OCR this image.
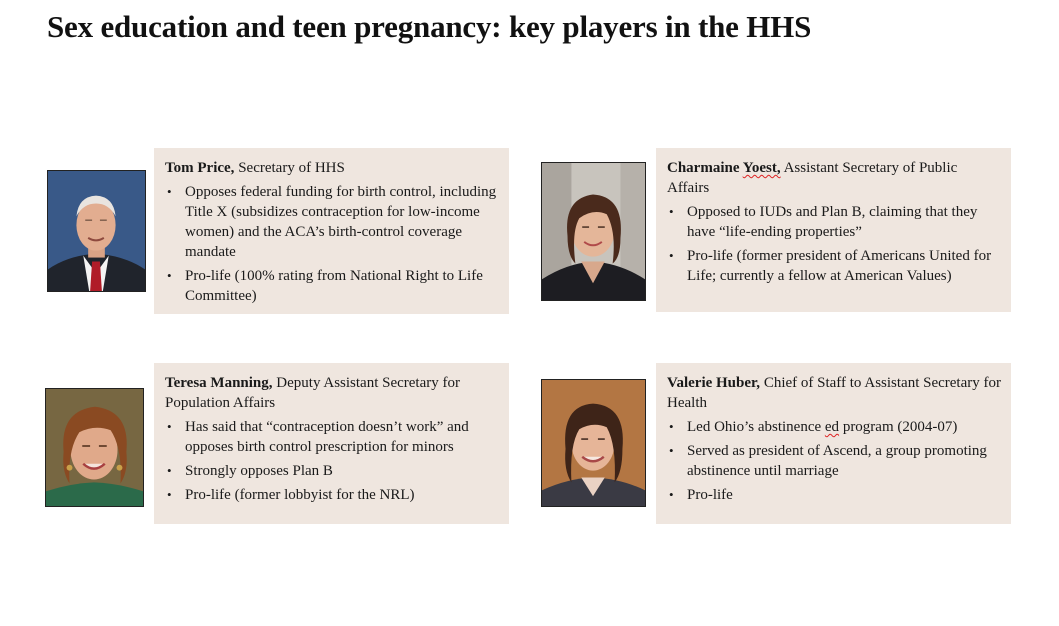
Sex education and teen pregnancy: key players in the HHS

Tom Price, Secretary of HHS

• Opposes federal funding for birth control, including Title X (subsidizes contraception for low-income women) and the ACA’s birth-control coverage mandate
• Pro-life (100% rating from National Right to Life Committee)

Charmaine Yoest, Assistant Secretary of Public Affairs

• Opposed to IUDs and Plan B, claiming that they have “life-ending properties”
• Pro-life (former president of Americans United for Life; currently a fellow at American Values)

Teresa Manning, Deputy Assistant Secretary for Population Affairs

• Has said that “contraception doesn’t work” and opposes birth control prescription for minors
• Strongly opposes Plan B
• Pro-life (former lobbyist for the NRL)

Valerie Huber, Chief of Staff to Assistant Secretary for Health

• Led Ohio’s abstinence ed program (2004-07)
• Served as president of Ascend, a group promoting abstinence until marriage
• Pro-life
